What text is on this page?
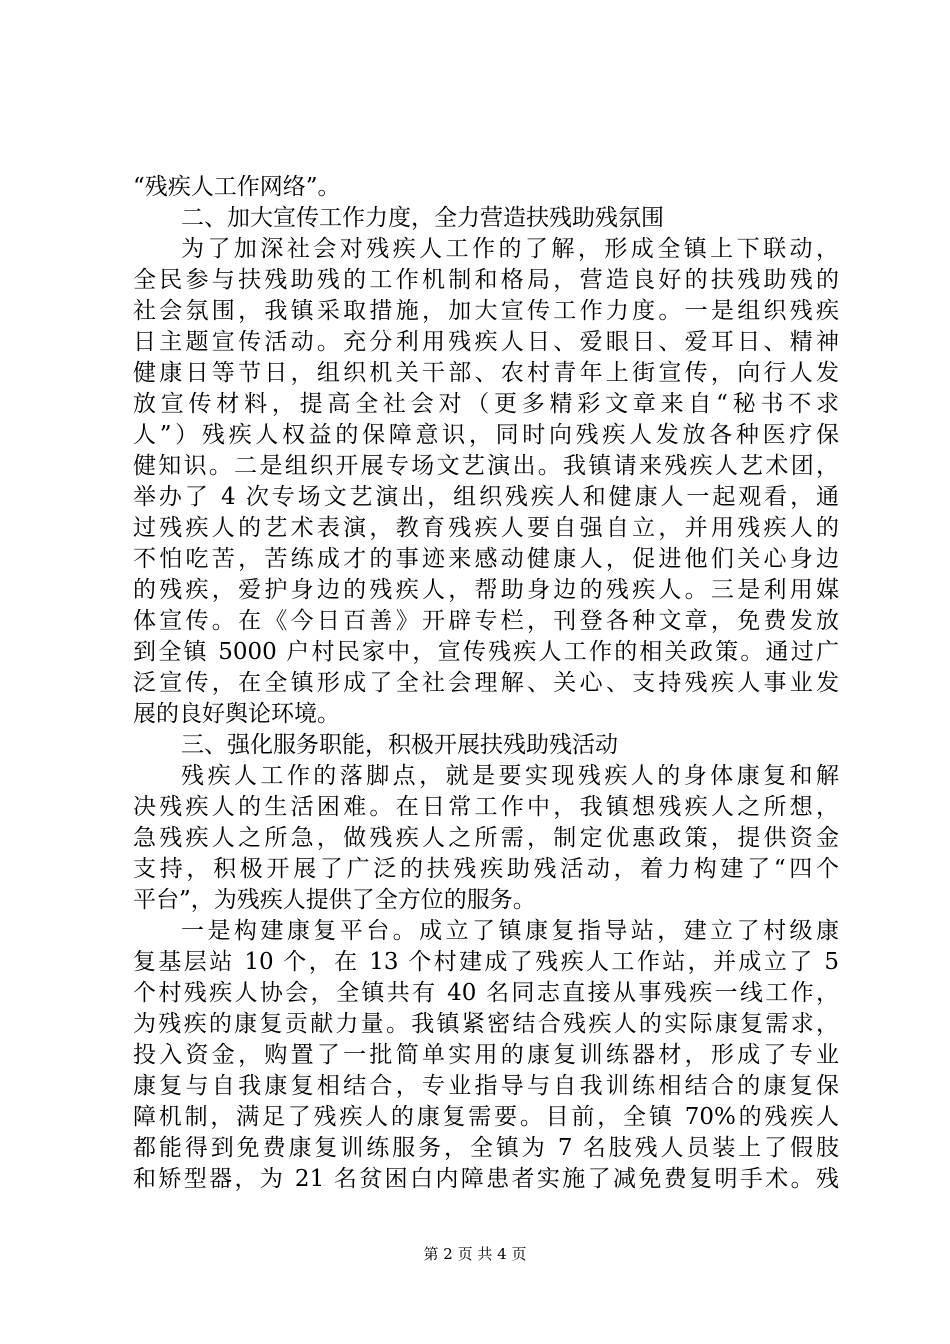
“残疾人工作网络”。
二、加大宣传工作力度，全力营造扶残助残氛围
为了加深社会对残疾人工作的了解，形成全镇上下联动，
全民参与扶残助残的工作机制和格局，营造良好的扶残助残的
社会氛围，我镇采取措施，加大宣传工作力度。一是组织残疾
日主题宣传活动。充分利用残疾人日、爱眼日、爱耳日、精神
健康日等节日，组织机关干部、农村青年上街宣传，向行人发
放宣传材料，提高全社会对（更多精彩文章来自“秘书不求
人”）残疾人权益的保障意识，同时向残疾人发放各种医疗保
健知识。二是组织开展专场文艺演出。我镇请来残疾人艺术团，
举办了 4 次专场文艺演出，组织残疾人和健康人一起观看，通
过残疾人的艺术表演，教育残疾人要自强自立，并用残疾人的
不怕吃苦，苦练成才的事迹来感动健康人，促进他们关心身边
的残疾，爱护身边的残疾人，帮助身边的残疾人。三是利用媒
体宣传。在《今日百善》开辟专栏，刊登各种文章，免费发放
到全镇 5000 户村民家中，宣传残疾人工作的相关政策。通过广
泛宣传，在全镇形成了全社会理解、关心、支持残疾人事业发
展的良好舆论环境。
三、强化服务职能，积极开展扶残助残活动
残疾人工作的落脚点，就是要实现残疾人的身体康复和解
决残疾人的生活困难。在日常工作中，我镇想残疾人之所想，
急残疾人之所急，做残疾人之所需，制定优惠政策，提供资金
支持，积极开展了广泛的扶残疾助残活动，着力构建了“四个
平台”，为残疾人提供了全方位的服务。
一是构建康复平台。成立了镇康复指导站，建立了村级康
复基层站 10 个，在 13 个村建成了残疾人工作站，并成立了 5
个村残疾人协会，全镇共有 40 名同志直接从事残疾一线工作，
为残疾的康复贡献力量。我镇紧密结合残疾人的实际康复需求，
投入资金，购置了一批简单实用的康复训练器材，形成了专业
康复与自我康复相结合，专业指导与自我训练相结合的康复保
障机制，满足了残疾人的康复需要。目前，全镇 70%的残疾人
都能得到免费康复训练服务，全镇为 7 名肢残人员装上了假肢
和矫型器，为 21 名贫困白内障患者实施了减免费复明手术。残
第 2 页 共 4 页
